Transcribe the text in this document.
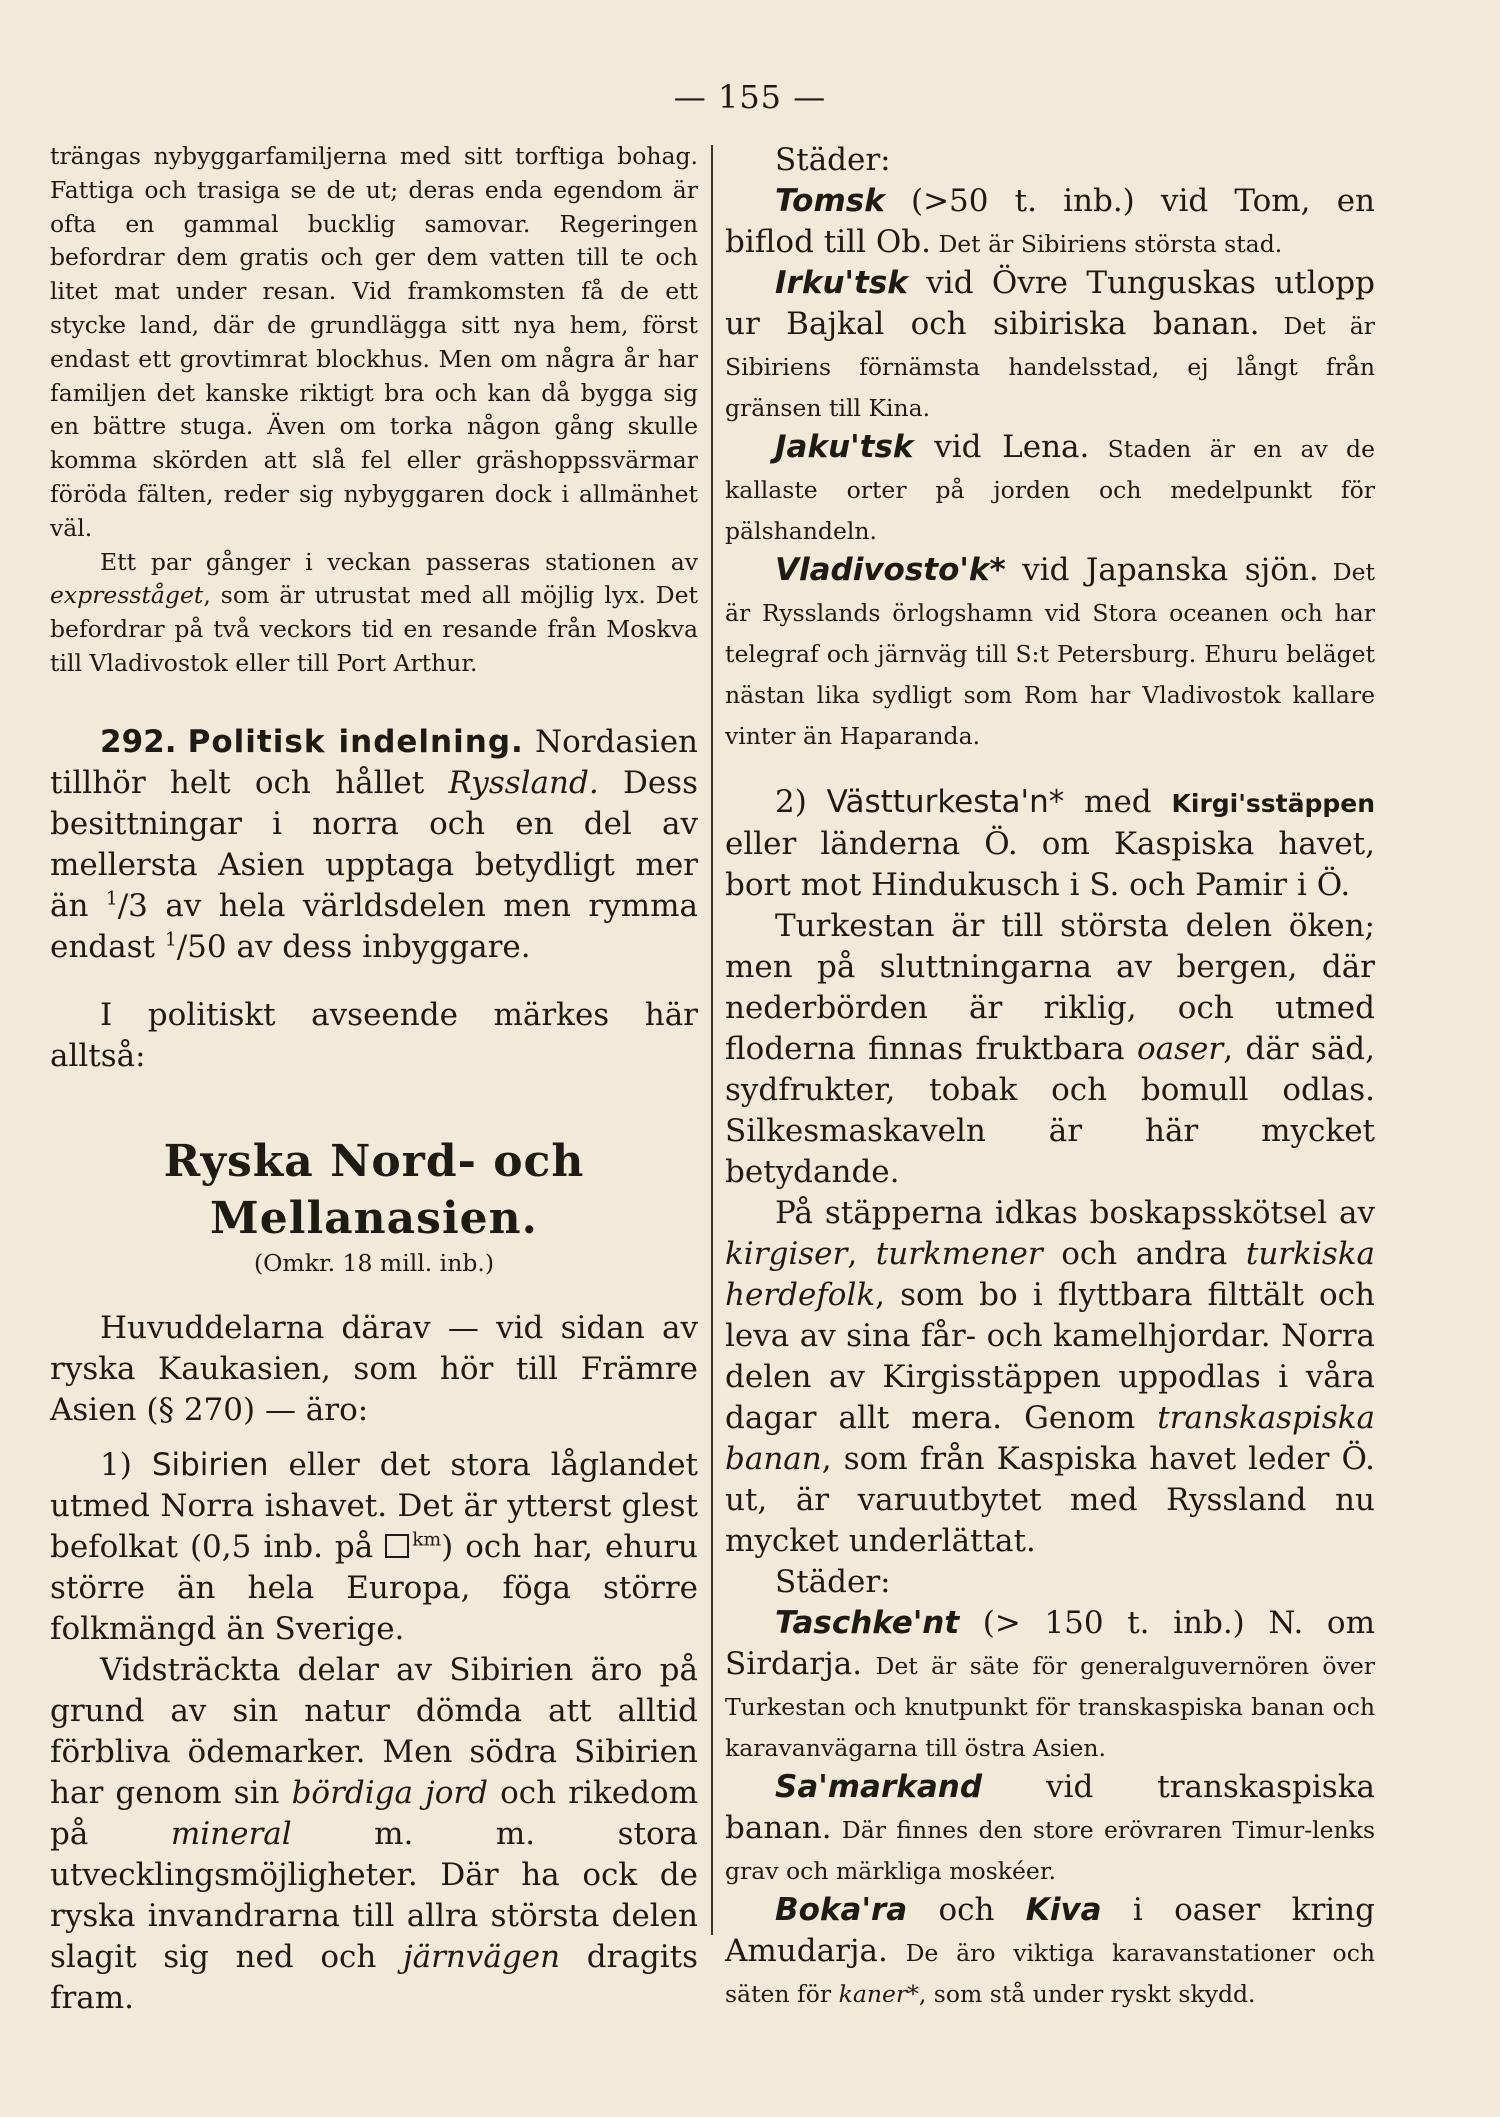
— 155 —

trängas nybyggarfamiljerna med sitt torftiga bohag. Fattiga och trasiga se de ut; deras enda egendom är ofta en gammal bucklig samovar. Regeringen befordrar dem gratis och ger dem vatten till te och litet mat under resan. Vid framkomsten få de ett stycke land, där de grundlägga sitt nya hem, först endast ett grovtimrat blockhus. Men om några år har familjen det kanske riktigt bra och kan då bygga sig en bättre stuga. Även om torka någon gång skulle komma skörden att slå fel eller gräshoppssvärmar föröda fälten, reder sig nybyggaren dock i allmänhet väl.

Ett par gånger i veckan passeras stationen av expresståget, som är utrustat med all möjlig lyx. Det befordrar på två veckors tid en resande från Moskva till Vladivostok eller till Port Arthur.

292. Politisk indelning. Nordasien tillhör helt och hållet Ryssland. Dess besittningar i norra och en del av mellersta Asien upptaga betydligt mer än $^1$/3 av hela världsdelen men rymma endast $^1$/50 av dess inbyggare.

I politiskt avseende märkes här alltså:

Ryska Nord- och Mellanasien.
(Omkr. 18 mill. inb.)

Huvuddelarna därav — vid sidan av ryska Kaukasien, som hör till Främre Asien (§ 270) — äro:

1) Sibirien eller det stora låglandet utmed Norra ishavet. Det är ytterst glest befolkat (0,5 inb. på $^{km}$) och har, ehuru större än hela Europa, föga större folkmängd än Sverige.

Vidsträckta delar av Sibirien äro på grund av sin natur dömda att alltid förbliva ödemarker. Men södra Sibirien har genom sin bördiga jord och rikedom på mineral m. m. stora utvecklingsmöjligheter. Där ha ock de ryska invandrarna till allra största delen slagit sig ned och järnvägen dragits fram.

Städer:

Tomsk (>50 t. inb.) vid Tom, en biflod till Ob. Det är Sibiriens största stad.

Irku'tsk vid Övre Tunguskas utlopp ur Bajkal och sibiriska banan. Det är Sibiriens förnämsta handelsstad, ej långt från gränsen till Kina.

Jaku'tsk vid Lena. Staden är en av de kallaste orter på jorden och medelpunkt för pälshandeln.

Vladivosto'k* vid Japanska sjön. Det är Rysslands örlogshamn vid Stora oceanen och har telegraf och järnväg till S:t Petersburg. Ehuru beläget nästan lika sydligt som Rom har Vladivostok kallare vinter än Haparanda.

2) Västturkesta'n* med Kirgi'sstäppen eller länderna Ö. om Kaspiska havet, bort mot Hindukusch i S. och Pamir i Ö.

Turkestan är till största delen öken; men på sluttningarna av bergen, där nederbörden är riklig, och utmed floderna finnas fruktbara oaser, där säd, sydfrukter, tobak och bomull odlas. Silkesmaskaveln är här mycket betydande.

På stäpperna idkas boskapsskötsel av kirgiser, turkmener och andra turkiska herdefolk, som bo i flyttbara filttält och leva av sina får- och kamelhjordar. Norra delen av Kirgisstäppen uppodlas i våra dagar allt mera. Genom transkaspiska banan, som från Kaspiska havet leder Ö. ut, är varuutbytet med Ryssland nu mycket underlättat.

Städer:

Taschke'nt (> 150 t. inb.) N. om Sirdarja. Det är säte för generalguvernören över Turkestan och knutpunkt för transkaspiska banan och karavanvägarna till östra Asien.

Sa'markand vid transkaspiska banan. Där finnes den store erövraren Timur-lenks grav och märkliga moskéer.

Boka'ra och Kiva i oaser kring Amudarja. De äro viktiga karavanstationer och säten för kaner*, som stå under ryskt skydd.
